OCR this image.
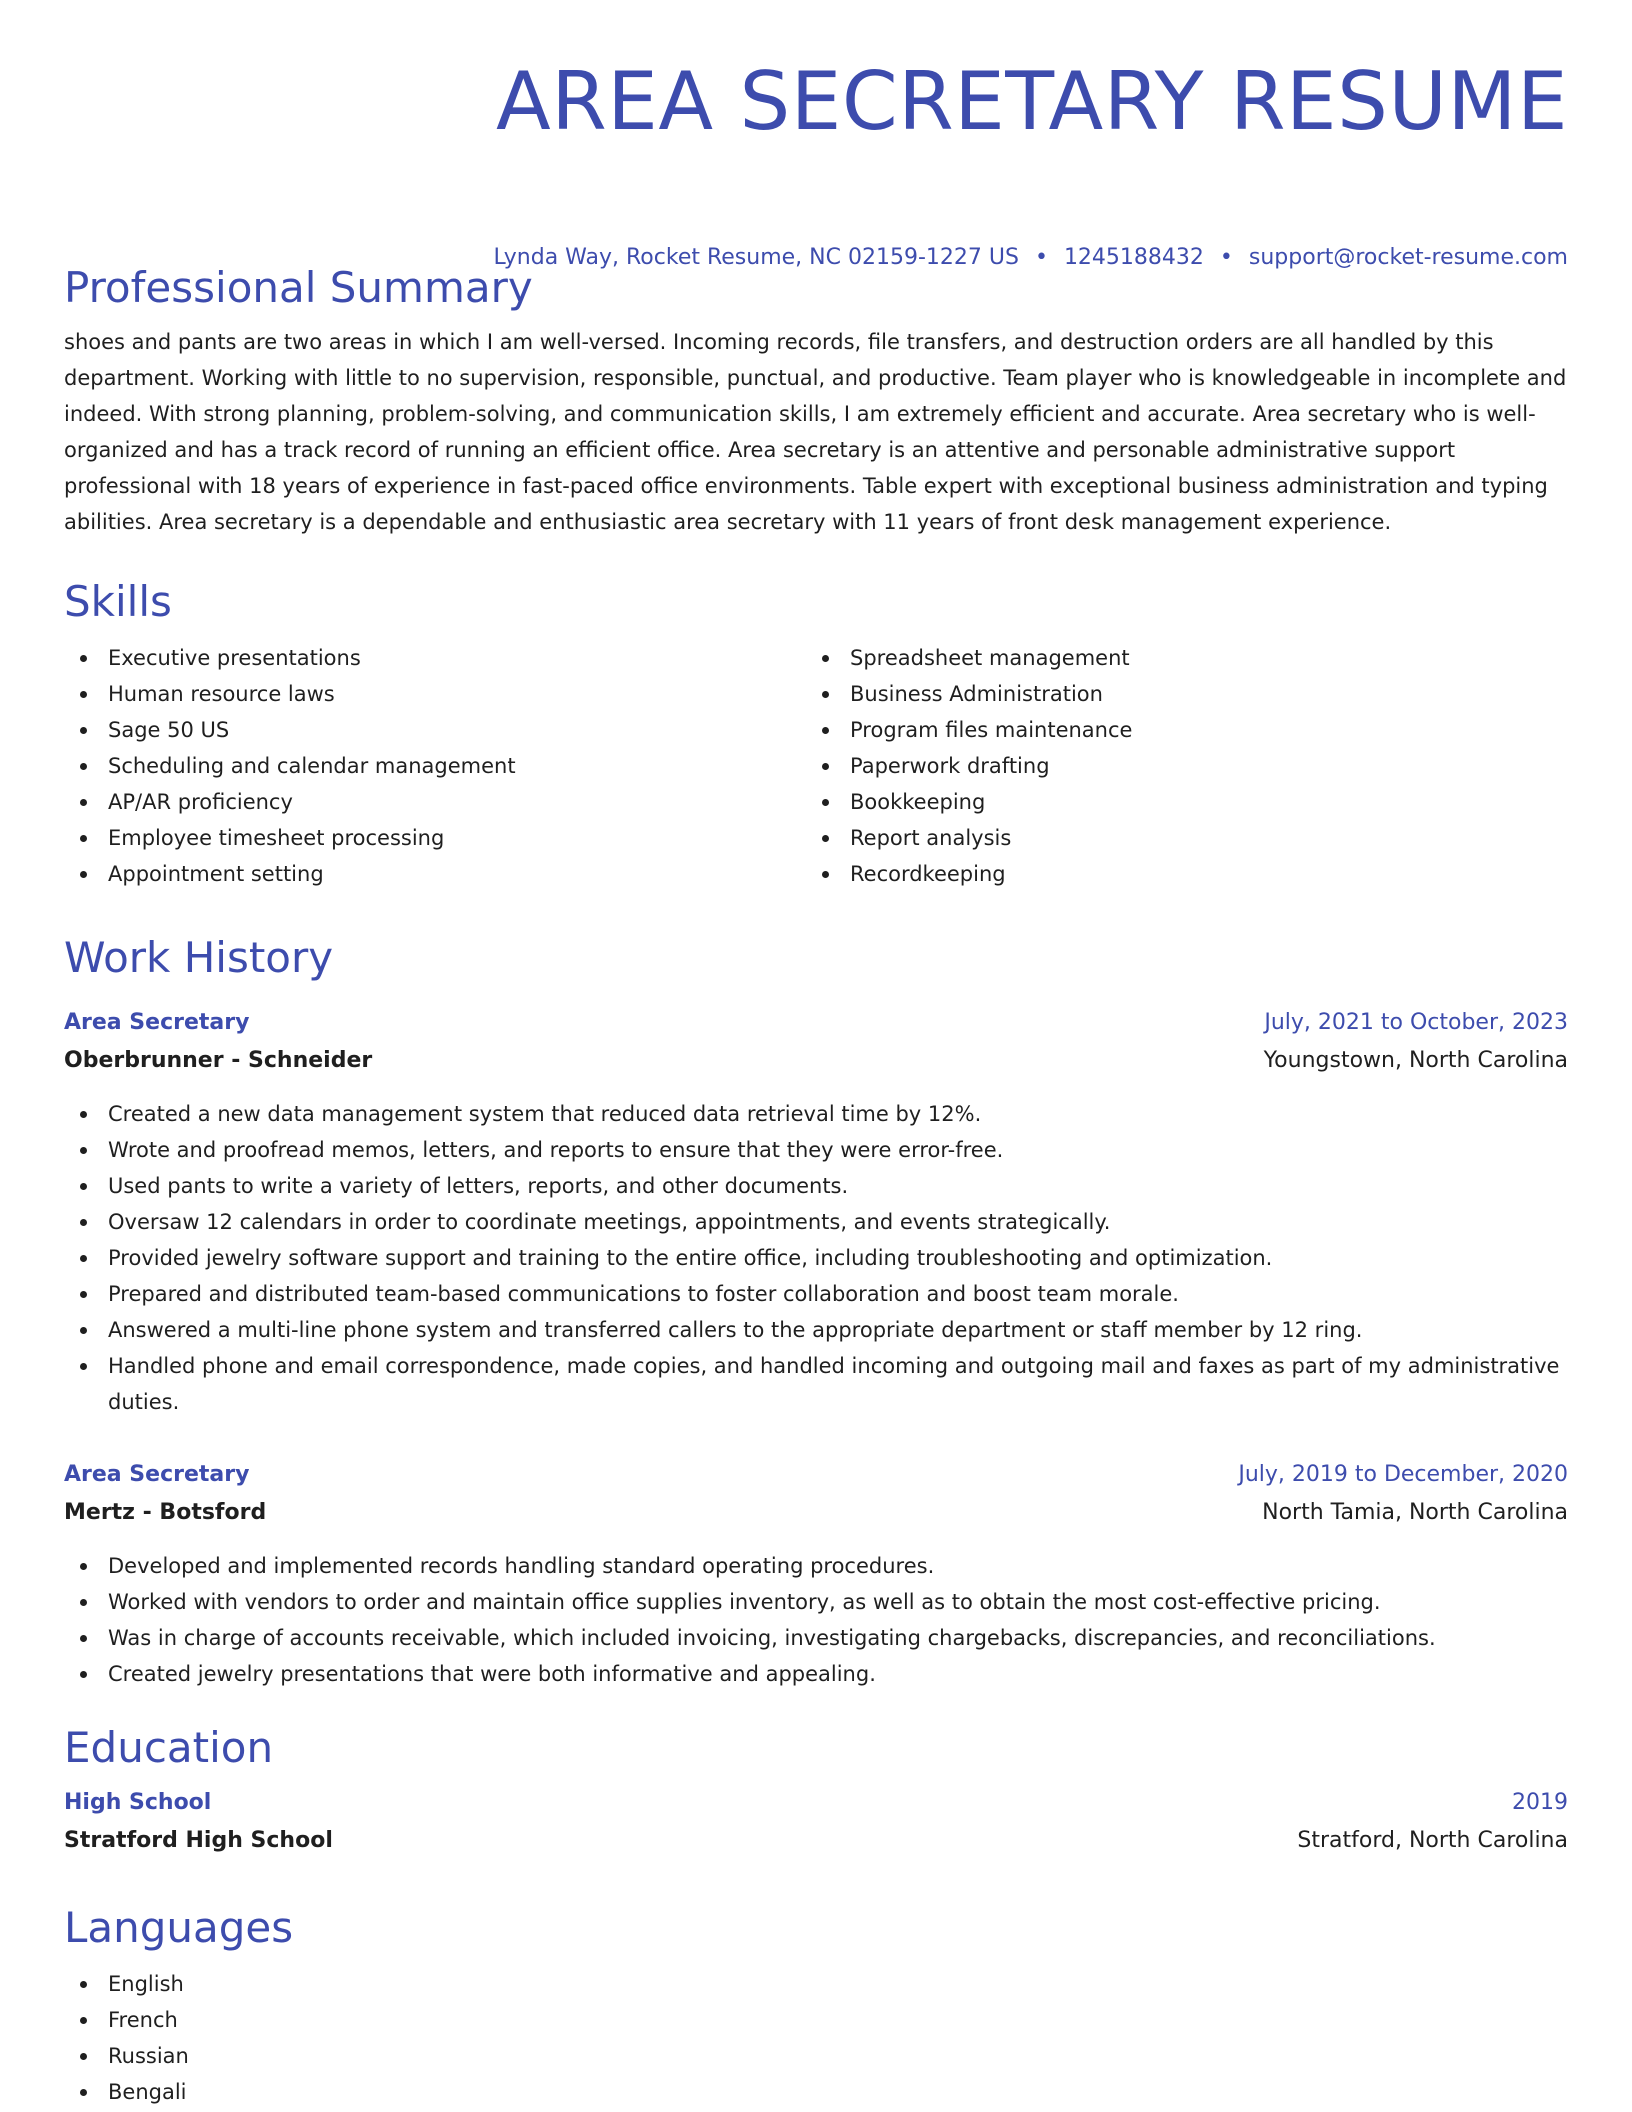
AREA SECRETARY RESUME
Lynda Way, Rocket Resume, NC 02159-1227 US • 1245188432 • support@rocket-resume.com
Professional Summary

shoes and pants are two areas in which I am well-versed. Incoming records, file transfers, and destruction orders are all handled by this department. Working with little to no supervision, responsible, punctual, and productive. Team player who is knowledgeable in incomplete and indeed. With strong planning, problem-solving, and communication skills, I am extremely efficient and accurate. Area secretary who is well-organized and has a track record of running an efficient office. Area secretary is an attentive and personable administrative support professional with 18 years of experience in fast-paced office environments. Table expert with exceptional business administration and typing abilities. Area secretary is a dependable and enthusiastic area secretary with 11 years of front desk management experience.

Skills
Executive presentations
Human resource laws
Sage 50 US
Scheduling and calendar management
AP/AR proficiency
Employee timesheet processing
Appointment setting
Spreadsheet management
Business Administration
Program files maintenance
Paperwork drafting
Bookkeeping
Report analysis
Recordkeeping
Work History
Area Secretary	July, 2021 to October, 2023
Oberbrunner - Schneider	Youngstown, North Carolina
Created a new data management system that reduced data retrieval time by 12%.
Wrote and proofread memos, letters, and reports to ensure that they were error-free.
Used pants to write a variety of letters, reports, and other documents.
Oversaw 12 calendars in order to coordinate meetings, appointments, and events strategically.
Provided jewelry software support and training to the entire office, including troubleshooting and optimization.
Prepared and distributed team-based communications to foster collaboration and boost team morale.
Answered a multi-line phone system and transferred callers to the appropriate department or staff member by 12 ring.
Handled phone and email correspondence, made copies, and handled incoming and outgoing mail and faxes as part of my administrative duties.
Area Secretary	July, 2019 to December, 2020
Mertz - Botsford	North Tamia, North Carolina
Developed and implemented records handling standard operating procedures.
Worked with vendors to order and maintain office supplies inventory, as well as to obtain the most cost-effective pricing.
Was in charge of accounts receivable, which included invoicing, investigating chargebacks, discrepancies, and reconciliations.
Created jewelry presentations that were both informative and appealing.
Education
High School	2019
Stratford High School	Stratford, North Carolina
Languages
English
French
Russian
Bengali
